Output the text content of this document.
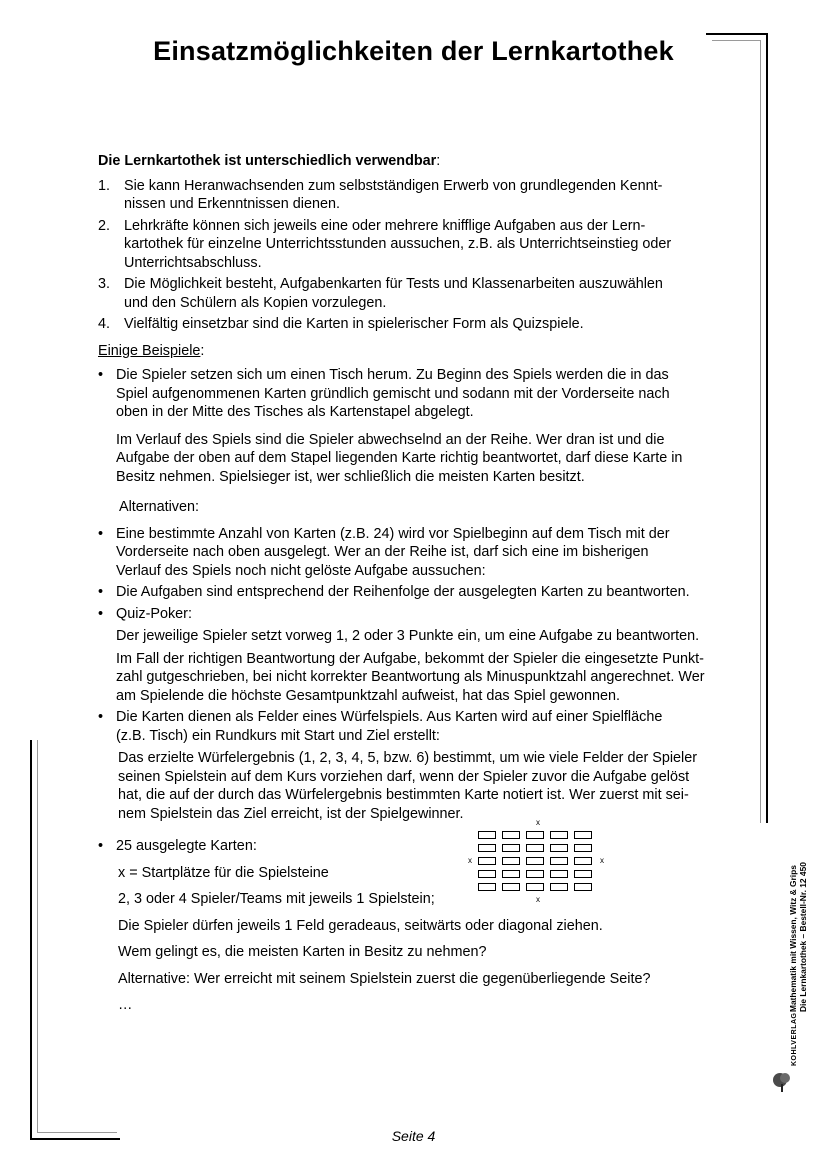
Einsatzmöglichkeiten der Lernkartothek

Die Lernkartothek ist unterschiedlich verwendbar:

1. Sie kann Heranwachsenden zum selbstständigen Erwerb von grundlegenden Kennt-
nissen und Erkenntnissen dienen.
2. Lehrkräfte können sich jeweils eine oder mehrere knifflige Aufgaben aus der Lern-
kartothek für einzelne Unterrichtsstunden aussuchen, z.B. als Unterrichtseinstieg oder
Unterrichtsabschluss.
3. Die Möglichkeit besteht, Aufgabenkarten für Tests und Klassenarbeiten auszuwählen
und den Schülern als Kopien vorzulegen.
4. Vielfältig einsetzbar sind die Karten in spielerischer Form als Quizspiele.

Einige Beispiele:

• Die Spieler setzen sich um einen Tisch herum. Zu Beginn des Spiels werden die in das
Spiel aufgenommenen Karten gründlich gemischt und sodann mit der Vorderseite nach
oben in der Mitte des Tisches als Kartenstapel abgelegt.
Im Verlauf des Spiels sind die Spieler abwechselnd an der Reihe. Wer dran ist und die
Aufgabe der oben auf dem Stapel liegenden Karte richtig beantwortet, darf diese Karte in
Besitz nehmen. Spielsieger ist, wer schließlich die meisten Karten besitzt.
Alternativen:
• Eine bestimmte Anzahl von Karten (z.B. 24) wird vor Spielbeginn auf dem Tisch mit der
Vorderseite nach oben ausgelegt. Wer an der Reihe ist, darf sich eine im bisherigen
Verlauf des Spiels noch nicht gelöste Aufgabe aussuchen:
• Die Aufgaben sind entsprechend der Reihenfolge der ausgelegten Karten zu beantworten.
• Quiz-Poker:
Der jeweilige Spieler setzt vorweg 1, 2 oder 3 Punkte ein, um eine Aufgabe zu beantworten.
Im Fall der richtigen Beantwortung der Aufgabe, bekommt der Spieler die eingesetzte Punkt-
zahl gutgeschrieben, bei nicht korrekter Beantwortung als Minuspunktzahl angerechnet. Wer
am Spielende die höchste Gesamtpunktzahl aufweist, hat das Spiel gewonnen.
• Die Karten dienen als Felder eines Würfelspiels. Aus Karten wird auf einer Spielfläche
(z.B. Tisch) ein Rundkurs mit Start und Ziel erstellt:
Das erzielte Würfelergebnis (1, 2, 3, 4, 5, bzw. 6) bestimmt, um wie viele Felder der Spieler
seinen Spielstein auf dem Kurs vorziehen darf, wenn der Spieler zuvor die Aufgabe gelöst
hat, die auf der durch das Würfelergebnis bestimmten Karte notiert ist. Wer zuerst mit sei-
nem Spielstein das Ziel erreicht, ist der Spielgewinner.
• 25 ausgelegte Karten:
x = Startplätze für die Spielsteine
2, 3 oder 4 Spieler/Teams mit jeweils 1 Spielstein;
Die Spieler dürfen jeweils 1 Feld geradeaus, seitwärts oder diagonal ziehen.
Wem gelingt es, die meisten Karten in Besitz zu nehmen?
Alternative: Wer erreicht mit seinem Spielstein zuerst die gegenüberliegende Seite?
…
x
x	x
x	Mathematik mit Wissen, Witz & Grips Die Lernkartothek – Bestell-Nr. 12 450
KOHLVERLAG
Seite 4
